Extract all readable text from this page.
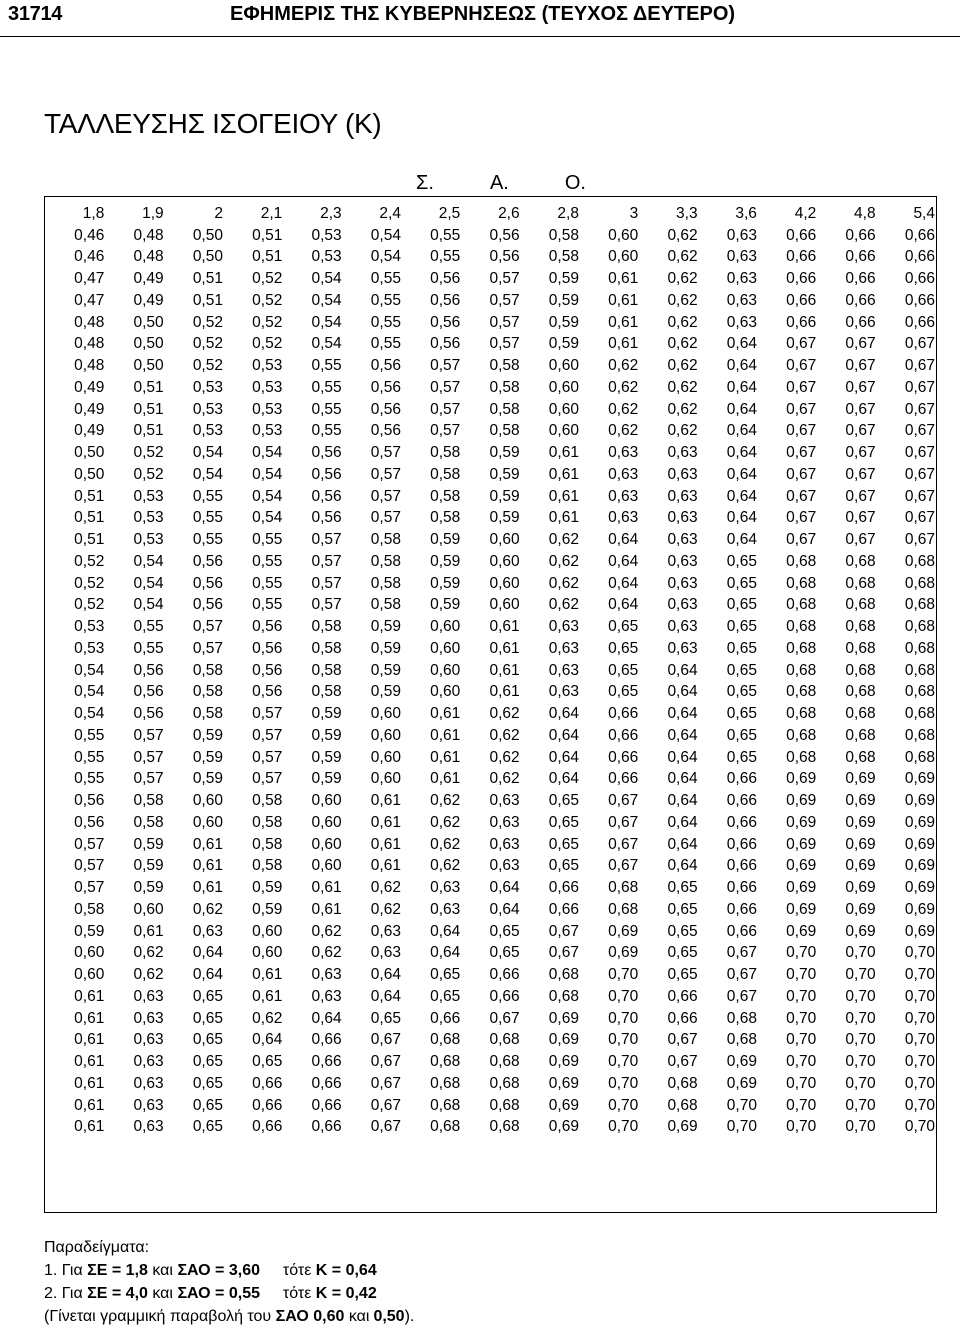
31714	ΕΦΗΜΕΡΙΣ ΤΗΣ ΚΥΒΕΡΝΗΣΕΩΣ (ΤΕΥΧΟΣ ΔΕΥΤΕΡΟ)
ΤΑΛΛΕΥΣΗΣ ΙΣΟΓΕΙΟΥ (Κ)
Σ.	Α.	Ο.
1,8	1,9	2	2,1	2,3	2,4	2,5	2,6	2,8	3	3,3	3,6	4,2	4,8	5,4
0,46	0,48	0,50	0,51	0,53	0,54	0,55	0,56	0,58	0,60	0,62	0,63	0,66	0,66	0,66
0,46	0,48	0,50	0,51	0,53	0,54	0,55	0,56	0,58	0,60	0,62	0,63	0,66	0,66	0,66
0,47	0,49	0,51	0,52	0,54	0,55	0,56	0,57	0,59	0,61	0,62	0,63	0,66	0,66	0,66
0,47	0,49	0,51	0,52	0,54	0,55	0,56	0,57	0,59	0,61	0,62	0,63	0,66	0,66	0,66
0,48	0,50	0,52	0,52	0,54	0,55	0,56	0,57	0,59	0,61	0,62	0,63	0,66	0,66	0,66
0,48	0,50	0,52	0,52	0,54	0,55	0,56	0,57	0,59	0,61	0,62	0,64	0,67	0,67	0,67
0,48	0,50	0,52	0,53	0,55	0,56	0,57	0,58	0,60	0,62	0,62	0,64	0,67	0,67	0,67
0,49	0,51	0,53	0,53	0,55	0,56	0,57	0,58	0,60	0,62	0,62	0,64	0,67	0,67	0,67
0,49	0,51	0,53	0,53	0,55	0,56	0,57	0,58	0,60	0,62	0,62	0,64	0,67	0,67	0,67
0,49	0,51	0,53	0,53	0,55	0,56	0,57	0,58	0,60	0,62	0,62	0,64	0,67	0,67	0,67
0,50	0,52	0,54	0,54	0,56	0,57	0,58	0,59	0,61	0,63	0,63	0,64	0,67	0,67	0,67
0,50	0,52	0,54	0,54	0,56	0,57	0,58	0,59	0,61	0,63	0,63	0,64	0,67	0,67	0,67
0,51	0,53	0,55	0,54	0,56	0,57	0,58	0,59	0,61	0,63	0,63	0,64	0,67	0,67	0,67
0,51	0,53	0,55	0,54	0,56	0,57	0,58	0,59	0,61	0,63	0,63	0,64	0,67	0,67	0,67
0,51	0,53	0,55	0,55	0,57	0,58	0,59	0,60	0,62	0,64	0,63	0,64	0,67	0,67	0,67
0,52	0,54	0,56	0,55	0,57	0,58	0,59	0,60	0,62	0,64	0,63	0,65	0,68	0,68	0,68
0,52	0,54	0,56	0,55	0,57	0,58	0,59	0,60	0,62	0,64	0,63	0,65	0,68	0,68	0,68
0,52	0,54	0,56	0,55	0,57	0,58	0,59	0,60	0,62	0,64	0,63	0,65	0,68	0,68	0,68
0,53	0,55	0,57	0,56	0,58	0,59	0,60	0,61	0,63	0,65	0,63	0,65	0,68	0,68	0,68
0,53	0,55	0,57	0,56	0,58	0,59	0,60	0,61	0,63	0,65	0,63	0,65	0,68	0,68	0,68
0,54	0,56	0,58	0,56	0,58	0,59	0,60	0,61	0,63	0,65	0,64	0,65	0,68	0,68	0,68
0,54	0,56	0,58	0,56	0,58	0,59	0,60	0,61	0,63	0,65	0,64	0,65	0,68	0,68	0,68
0,54	0,56	0,58	0,57	0,59	0,60	0,61	0,62	0,64	0,66	0,64	0,65	0,68	0,68	0,68
0,55	0,57	0,59	0,57	0,59	0,60	0,61	0,62	0,64	0,66	0,64	0,65	0,68	0,68	0,68
0,55	0,57	0,59	0,57	0,59	0,60	0,61	0,62	0,64	0,66	0,64	0,65	0,68	0,68	0,68
0,55	0,57	0,59	0,57	0,59	0,60	0,61	0,62	0,64	0,66	0,64	0,66	0,69	0,69	0,69
0,56	0,58	0,60	0,58	0,60	0,61	0,62	0,63	0,65	0,67	0,64	0,66	0,69	0,69	0,69
0,56	0,58	0,60	0,58	0,60	0,61	0,62	0,63	0,65	0,67	0,64	0,66	0,69	0,69	0,69
0,57	0,59	0,61	0,58	0,60	0,61	0,62	0,63	0,65	0,67	0,64	0,66	0,69	0,69	0,69
0,57	0,59	0,61	0,58	0,60	0,61	0,62	0,63	0,65	0,67	0,64	0,66	0,69	0,69	0,69
0,57	0,59	0,61	0,59	0,61	0,62	0,63	0,64	0,66	0,68	0,65	0,66	0,69	0,69	0,69
0,58	0,60	0,62	0,59	0,61	0,62	0,63	0,64	0,66	0,68	0,65	0,66	0,69	0,69	0,69
0,59	0,61	0,63	0,60	0,62	0,63	0,64	0,65	0,67	0,69	0,65	0,66	0,69	0,69	0,69
0,60	0,62	0,64	0,60	0,62	0,63	0,64	0,65	0,67	0,69	0,65	0,67	0,70	0,70	0,70
0,60	0,62	0,64	0,61	0,63	0,64	0,65	0,66	0,68	0,70	0,65	0,67	0,70	0,70	0,70
0,61	0,63	0,65	0,61	0,63	0,64	0,65	0,66	0,68	0,70	0,66	0,67	0,70	0,70	0,70
0,61	0,63	0,65	0,62	0,64	0,65	0,66	0,67	0,69	0,70	0,66	0,68	0,70	0,70	0,70
0,61	0,63	0,65	0,64	0,66	0,67	0,68	0,68	0,69	0,70	0,67	0,68	0,70	0,70	0,70
0,61	0,63	0,65	0,65	0,66	0,67	0,68	0,68	0,69	0,70	0,67	0,69	0,70	0,70	0,70
0,61	0,63	0,65	0,66	0,66	0,67	0,68	0,68	0,69	0,70	0,68	0,69	0,70	0,70	0,70
0,61	0,63	0,65	0,66	0,66	0,67	0,68	0,68	0,69	0,70	0,68	0,70	0,70	0,70	0,70
0,61	0,63	0,65	0,66	0,66	0,67	0,68	0,68	0,69	0,70	0,69	0,70	0,70	0,70	0,70
Παραδείγματα:
1. Για ΣΕ = 1,8 και ΣΑΟ = 3,60 τότε Κ = 0,64
2. Για ΣΕ = 4,0 και ΣΑΟ = 0,55 τότε Κ = 0,42
(Γίνεται γραμμική παραβολή του ΣΑΟ 0,60 και 0,50).
